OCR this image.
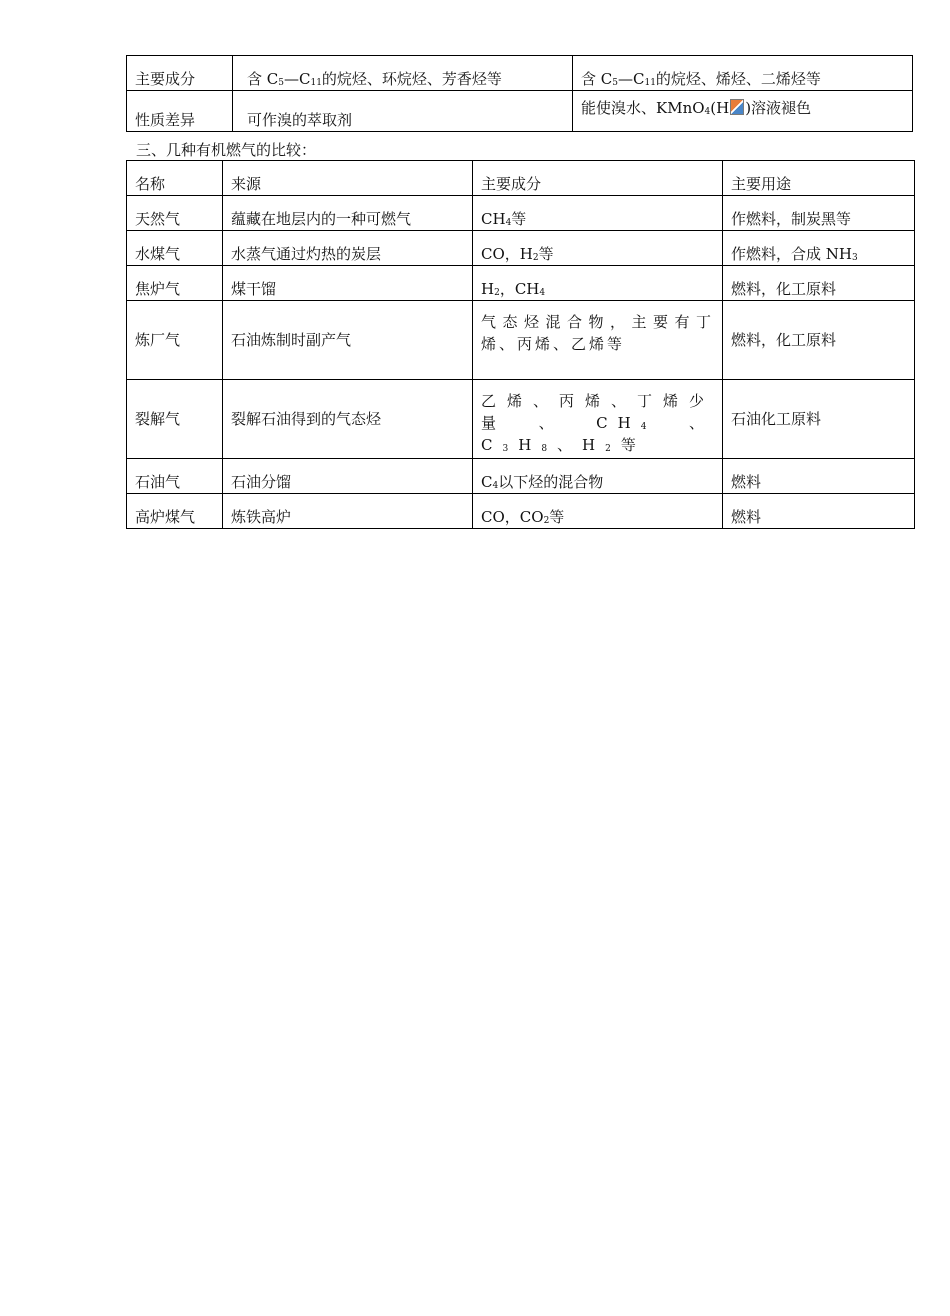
主要成分	含 $C_5—C_{11}$的烷烃、环烷烃、芳香烃等	含 $C_5—C_{11}$的烷烃、烯烃、二烯烃等
性质差异	可作溴的萃取剂	能使溴水、KMnO$_4$(H )溶液褪色
三、几种有机燃气的比较：
名称	来源	主要成分	主要用途
天然气	蕴藏在地层内的一种可燃气	$CH_4$等	作燃料，制炭黑等
水煤气	水蒸气通过灼热的炭层	CO，$H_2$等	作燃料，合成 $NH_3$
焦炉气	煤干馏	$H_2$，$CH_4$	燃料，化工原料
炼厂气	石油炼制时副产气	气态烃混合物，主要有丁烯、丙烯、乙烯等	燃料，化工原料
裂解气	裂解石油得到的气态烃	乙烯、丙烯、丁烯少量、$CH_4$、$C_3H_8$、$H_2$等	石油化工原料
石油气	石油分馏	$C_4$以下烃的混合物	燃料
高炉煤气	炼铁高炉	CO，$CO_2$等	燃料
